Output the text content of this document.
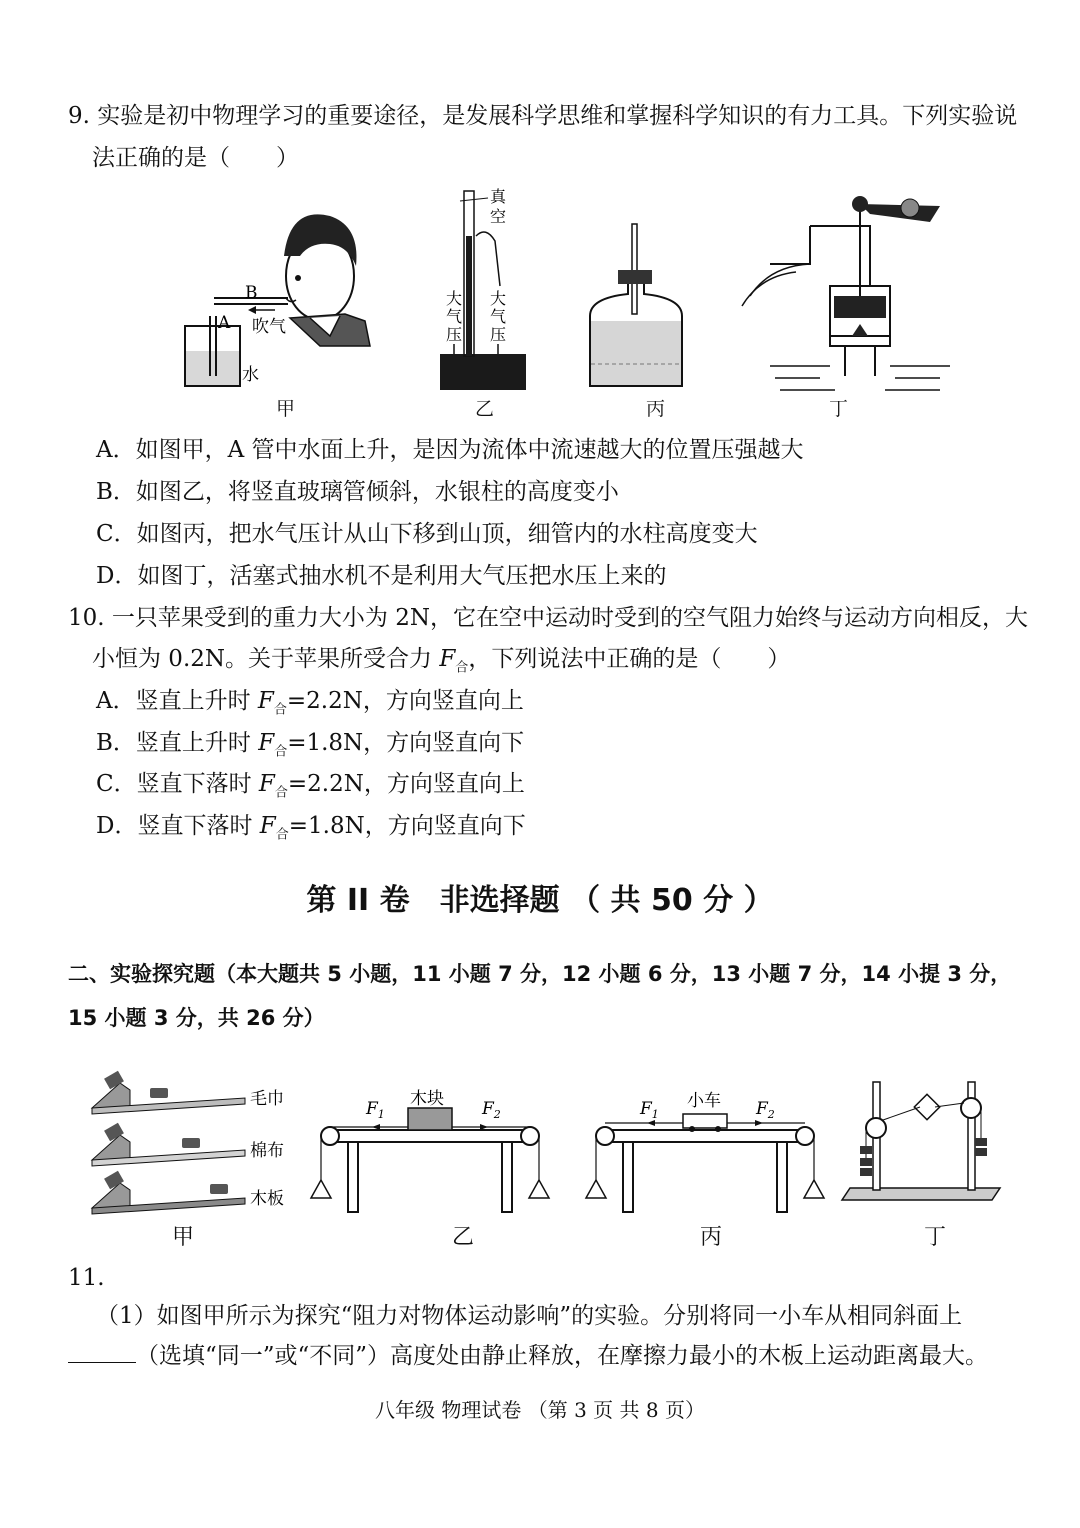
9. 实验是初中物理学习的重要途径，是发展科学思维和掌握科学知识的有力工具。下列实验说
法正确的是（　　）
B
A 吹气
水
真
空
大
气
压
大
气
压
甲	乙	丙	丁
A．如图甲，A 管中水面上升，是因为流体中流速越大的位置压强越大
B．如图乙，将竖直玻璃管倾斜，水银柱的高度变小
C．如图丙，把水气压计从山下移到山顶，细管内的水柱高度变大
D．如图丁，活塞式抽水机不是利用大气压把水压上来的
10. 一只苹果受到的重力大小为 2N，它在空中运动时受到的空气阻力始终与运动方向相反，大
小恒为 0.2N。关于苹果所受合力 $F_合$，下列说法中正确的是（　　）
A．竖直上升时 $F_合=2.2N$，方向竖直向上
B．竖直上升时 $F_合=1.8N$，方向竖直向下
C．竖直下落时 $F_合=2.2N$，方向竖直向上
D．竖直下落时 $F_合=1.8N$，方向竖直向下
第 II 卷　非选择题 （ 共 50 分 ）
二、实验探究题（本大题共 5 小题，11 小题 7 分，12 小题 6 分，13 小题 7 分，14 小提 3 分，
15 小题 3 分，共 26 分）
毛巾
棉布
木板
木块
$F_1$	$F_2$
小车
$F_1$	$F_2$
甲	乙	丙	丁
11.
（1）如图甲所示为探究“阻力对物体运动影响”的实验。分别将同一小车从相同斜面上
（选填“同一”或“不同”）高度处由静止释放，在摩擦力最小的木板上运动距离最大。
八年级 物理试卷 （第 3 页 共 8 页）
